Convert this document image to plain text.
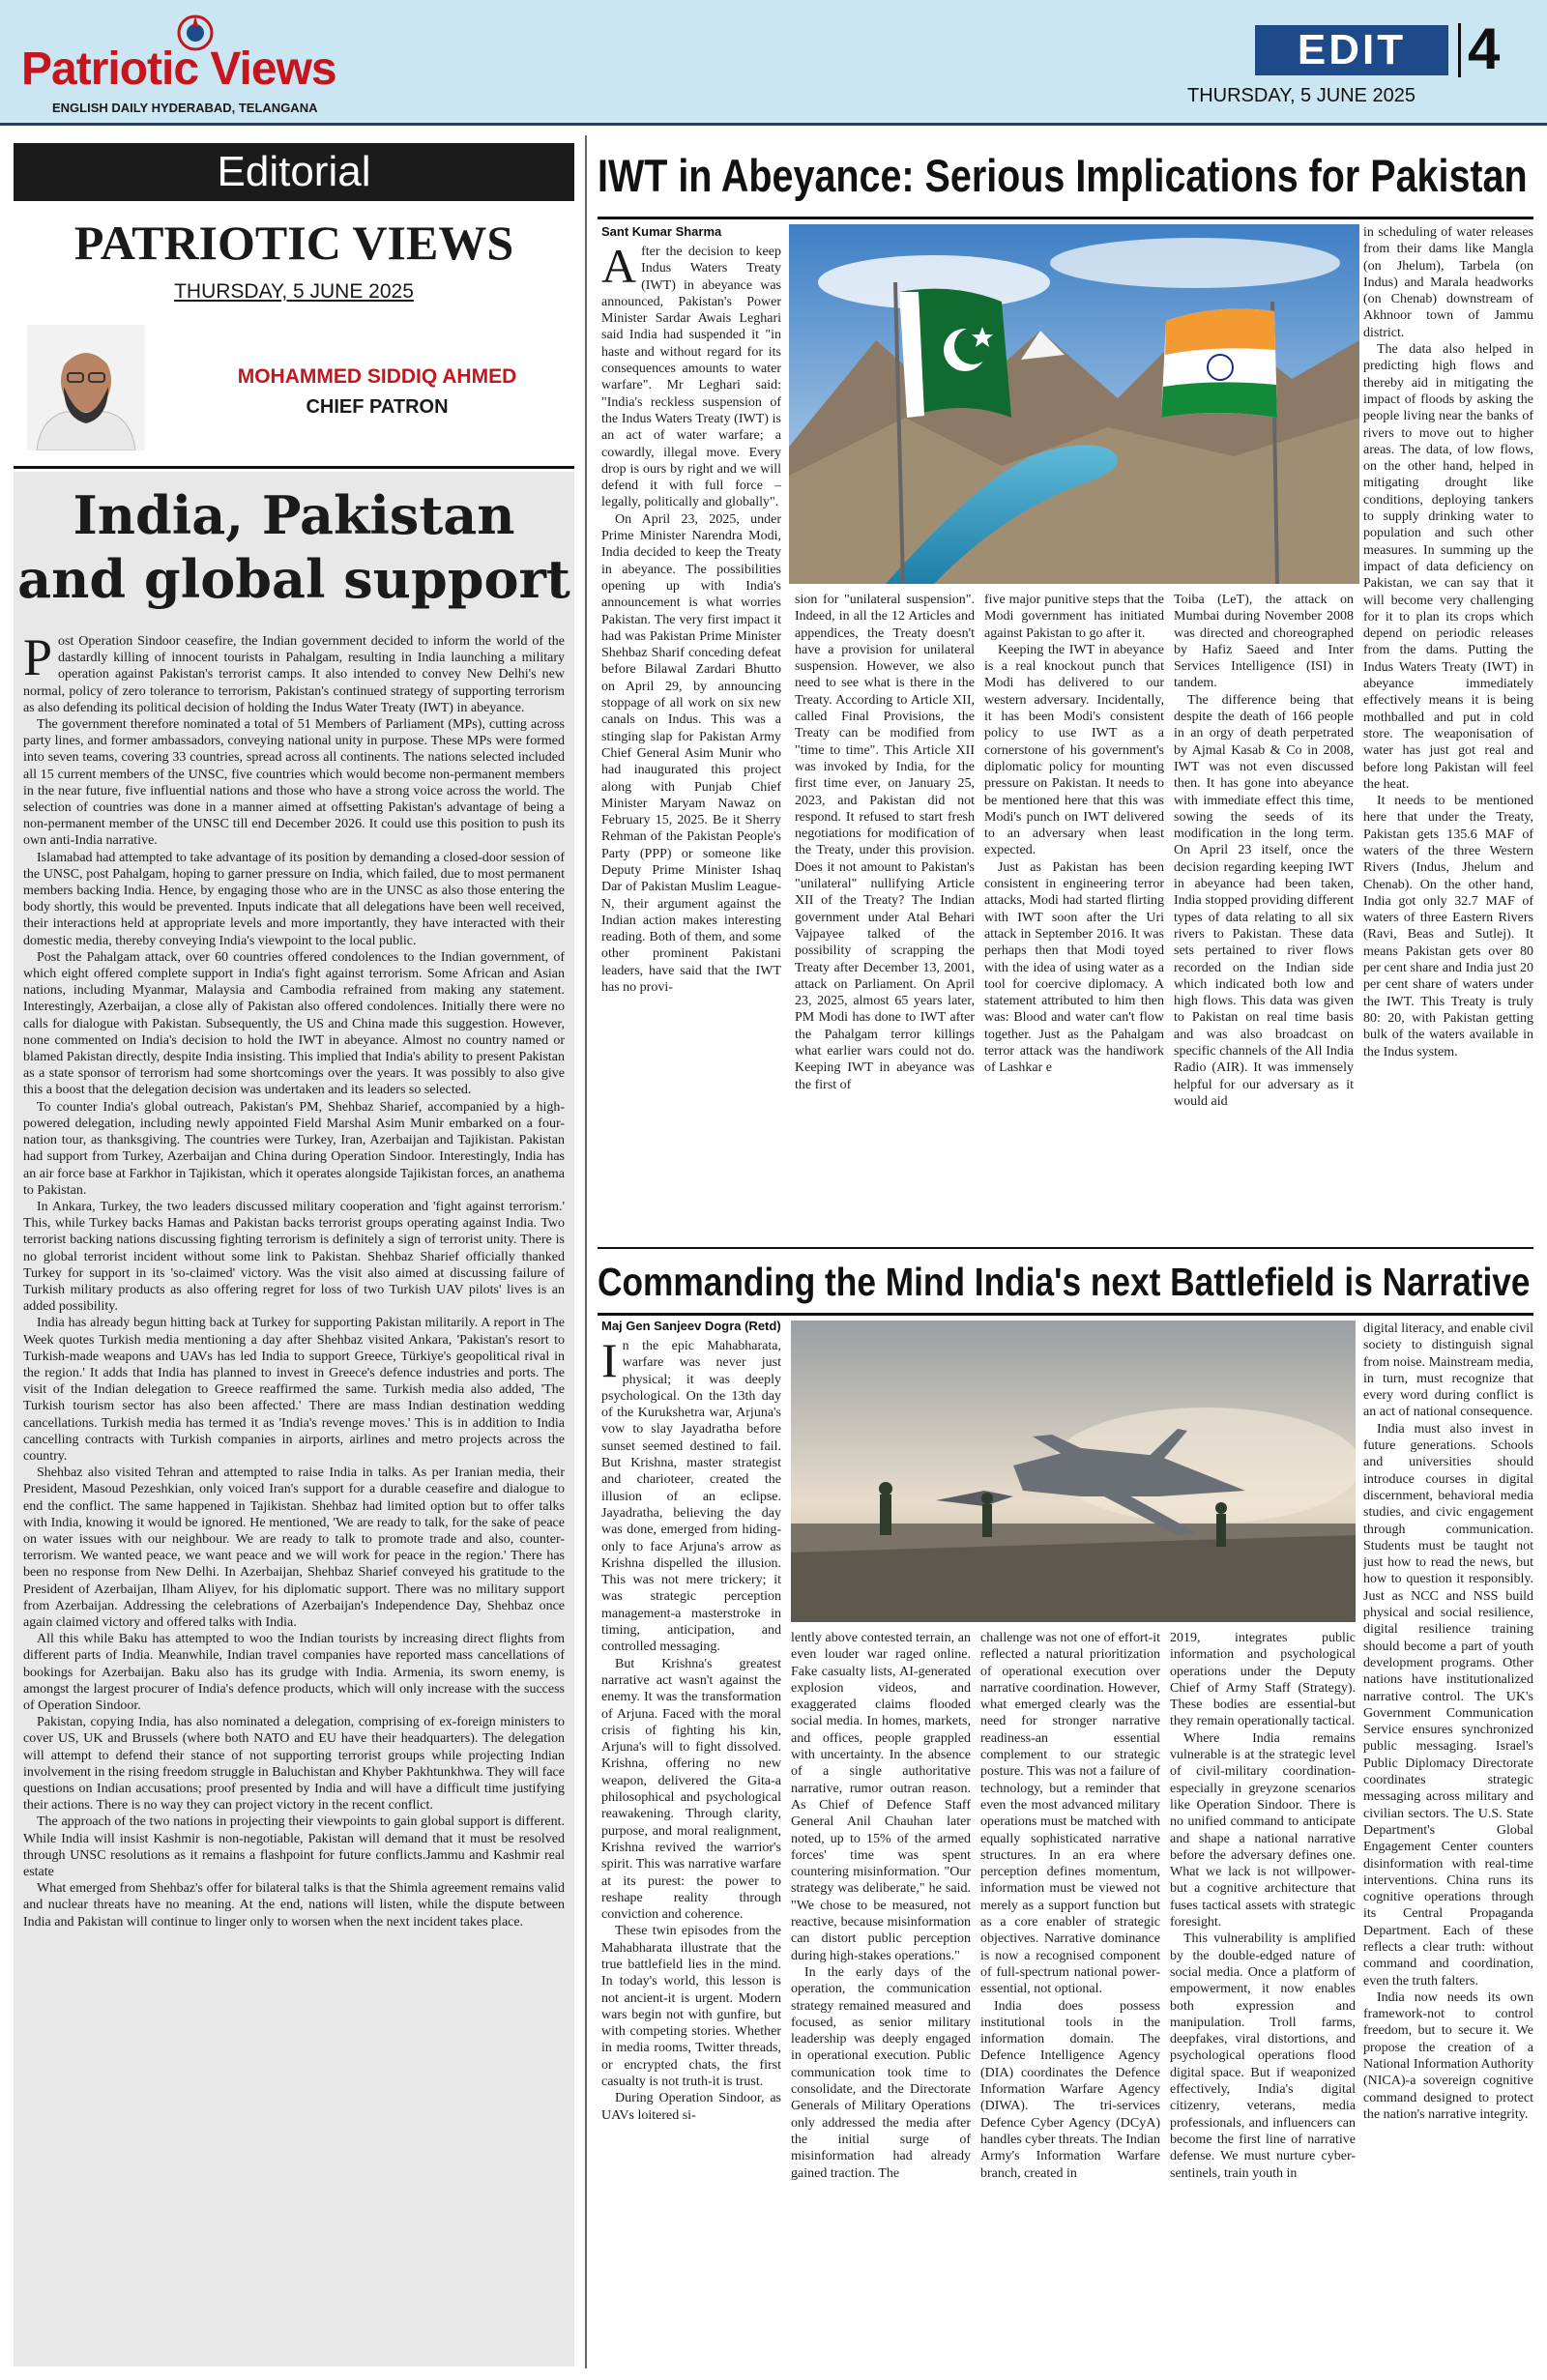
Patriotic Views
ENGLISH DAILY HYDERABAD, TELANGANA
EDIT	4
THURSDAY, 5 JUNE 2025
Editorial
PATRIOTIC VIEWS
THURSDAY, 5 JUNE 2025
MOHAMMED SIDDIQ AHMED
CHIEF PATRON
India, Pakistan and global support

Post Operation Sindoor ceasefire, the Indian government decided to inform the world of the dastardly killing of innocent tourists in Pahalgam, resulting in India launching a military operation against Pakistan's terrorist camps. It also intended to convey New Delhi's new normal, policy of zero tolerance to terrorism, Pakistan's continued strategy of supporting terrorism as also defending its political decision of holding the Indus Water Treaty (IWT) in abeyance.

The government therefore nominated a total of 51 Members of Parliament (MPs), cutting across party lines, and former ambassadors, conveying national unity in purpose. These MPs were formed into seven teams, covering 33 countries, spread across all continents. The nations selected included all 15 current members of the UNSC, five countries which would become non-permanent members in the near future, five influential nations and those who have a strong voice across the world. The selection of countries was done in a manner aimed at offsetting Pakistan's advantage of being a non-permanent member of the UNSC till end December 2026. It could use this position to push its own anti-India narrative.

Islamabad had attempted to take advantage of its position by demanding a closed-door session of the UNSC, post Pahalgam, hoping to garner pressure on India, which failed, due to most permanent members backing India. Hence, by engaging those who are in the UNSC as also those entering the body shortly, this would be prevented. Inputs indicate that all delegations have been well received, their interactions held at appropriate levels and more importantly, they have interacted with their domestic media, thereby conveying India's viewpoint to the local public.

Post the Pahalgam attack, over 60 countries offered condolences to the Indian government, of which eight offered complete support in India's fight against terrorism. Some African and Asian nations, including Myanmar, Malaysia and Cambodia refrained from making any statement. Interestingly, Azerbaijan, a close ally of Pakistan also offered condolences. Initially there were no calls for dialogue with Pakistan. Subsequently, the US and China made this suggestion. However, none commented on India's decision to hold the IWT in abeyance. Almost no country named or blamed Pakistan directly, despite India insisting. This implied that India's ability to present Pakistan as a state sponsor of terrorism had some shortcomings over the years. It was possibly to also give this a boost that the delegation decision was undertaken and its leaders so selected.

To counter India's global outreach, Pakistan's PM, Shehbaz Sharief, accompanied by a high-powered delegation, including newly appointed Field Marshal Asim Munir embarked on a four-nation tour, as thanksgiving. The countries were Turkey, Iran, Azerbaijan and Tajikistan. Pakistan had support from Turkey, Azerbaijan and China during Operation Sindoor. Interestingly, India has an air force base at Farkhor in Tajikistan, which it operates alongside Tajikistan forces, an anathema to Pakistan.

In Ankara, Turkey, the two leaders discussed military cooperation and 'fight against terrorism.' This, while Turkey backs Hamas and Pakistan backs terrorist groups operating against India. Two terrorist backing nations discussing fighting terrorism is definitely a sign of terrorist unity. There is no global terrorist incident without some link to Pakistan. Shehbaz Sharief officially thanked Turkey for support in its 'so-claimed' victory. Was the visit also aimed at discussing failure of Turkish military products as also offering regret for loss of two Turkish UAV pilots' lives is an added possibility.

India has already begun hitting back at Turkey for supporting Pakistan militarily. A report in The Week quotes Turkish media mentioning a day after Shehbaz visited Ankara, 'Pakistan's resort to Turkish-made weapons and UAVs has led India to support Greece, Türkiye's geopolitical rival in the region.' It adds that India has planned to invest in Greece's defence industries and ports. The visit of the Indian delegation to Greece reaffirmed the same. Turkish media also added, 'The Turkish tourism sector has also been affected.' There are mass Indian destination wedding cancellations. Turkish media has termed it as 'India's revenge moves.' This is in addition to India cancelling contracts with Turkish companies in airports, airlines and metro projects across the country.

Shehbaz also visited Tehran and attempted to raise India in talks. As per Iranian media, their President, Masoud Pezeshkian, only voiced Iran's support for a durable ceasefire and dialogue to end the conflict. The same happened in Tajikistan. Shehbaz had limited option but to offer talks with India, knowing it would be ignored. He mentioned, 'We are ready to talk, for the sake of peace on water issues with our neighbour. We are ready to talk to promote trade and also, counter-terrorism. We wanted peace, we want peace and we will work for peace in the region.' There has been no response from New Delhi. In Azerbaijan, Shehbaz Sharief conveyed his gratitude to the President of Azerbaijan, Ilham Aliyev, for his diplomatic support. There was no military support from Azerbaijan. Addressing the celebrations of Azerbaijan's Independence Day, Shehbaz once again claimed victory and offered talks with India.

All this while Baku has attempted to woo the Indian tourists by increasing direct flights from different parts of India. Meanwhile, Indian travel companies have reported mass cancellations of bookings for Azerbaijan. Baku also has its grudge with India. Armenia, its sworn enemy, is amongst the largest procurer of India's defence products, which will only increase with the success of Operation Sindoor.

Pakistan, copying India, has also nominated a delegation, comprising of ex-foreign ministers to cover US, UK and Brussels (where both NATO and EU have their headquarters). The delegation will attempt to defend their stance of not supporting terrorist groups while projecting Indian involvement in the rising freedom struggle in Baluchistan and Khyber Pakhtunkhwa. They will face questions on Indian accusations; proof presented by India and will have a difficult time justifying their actions. There is no way they can project victory in the recent conflict.

The approach of the two nations in projecting their viewpoints to gain global support is different. While India will insist Kashmir is non-negotiable, Pakistan will demand that it must be resolved through UNSC resolutions as it remains a flashpoint for future conflicts.Jammu and Kashmir real estate

What emerged from Shehbaz's offer for bilateral talks is that the Shimla agreement remains valid and nuclear threats have no meaning. At the end, nations will listen, while the dispute between India and Pakistan will continue to linger only to worsen when the next incident takes place.

IWT in Abeyance: Serious Implications for Pakistan
Sant Kumar Sharma

After the decision to keep Indus Waters Treaty (IWT) in abeyance was announced, Pakistan's Power Minister Sardar Awais Leghari said India had suspended it "in haste and without regard for its consequences amounts to water warfare". Mr Leghari said: "India's reckless suspension of the Indus Waters Treaty (IWT) is an act of water warfare; a cowardly, illegal move. Every drop is ours by right and we will defend it with full force – legally, politically and globally".

On April 23, 2025, under Prime Minister Narendra Modi, India decided to keep the Treaty in abeyance. The possibilities opening up with India's announcement is what worries Pakistan. The very first impact it had was Pakistan Prime Minister Shehbaz Sharif conceding defeat before Bilawal Zardari Bhutto on April 29, by announcing stoppage of all work on six new canals on Indus. This was a stinging slap for Pakistan Army Chief General Asim Munir who had inaugurated this project along with Punjab Chief Minister Maryam Nawaz on February 15, 2025. Be it Sherry Rehman of the Pakistan People's Party (PPP) or someone like Deputy Prime Minister Ishaq Dar of Pakistan Muslim League-N, their argument against the Indian action makes interesting reading. Both of them, and some other prominent Pakistani leaders, have said that the IWT has no provi-

sion for "unilateral suspension". Indeed, in all the 12 Articles and appendices, the Treaty doesn't have a provision for unilateral suspension. However, we also need to see what is there in the Treaty. According to Article XII, called Final Provisions, the Treaty can be modified from "time to time". This Article XII was invoked by India, for the first time ever, on January 25, 2023, and Pakistan did not respond. It refused to start fresh negotiations for modification of the Treaty, under this provision. Does it not amount to Pakistan's "unilateral" nullifying Article XII of the Treaty? The Indian government under Atal Behari Vajpayee talked of the possibility of scrapping the Treaty after December 13, 2001, attack on Parliament. On April 23, 2025, almost 65 years later, PM Modi has done to IWT after the Pahalgam terror killings what earlier wars could not do. Keeping IWT in abeyance was the first of

five major punitive steps that the Modi government has initiated against Pakistan to go after it.

Keeping the IWT in abeyance is a real knockout punch that Modi has delivered to our western adversary. Incidentally, it has been Modi's consistent policy to use IWT as a cornerstone of his government's diplomatic policy for mounting pressure on Pakistan. It needs to be mentioned here that this was Modi's punch on IWT delivered to an adversary when least expected.

Just as Pakistan has been consistent in engineering terror attacks, Modi had started flirting with IWT soon after the Uri attack in September 2016. It was perhaps then that Modi toyed with the idea of using water as a tool for coercive diplomacy. A statement attributed to him then was: Blood and water can't flow together. Just as the Pahalgam terror attack was the handiwork of Lashkar e

Toiba (LeT), the attack on Mumbai during November 2008 was directed and choreographed by Hafiz Saeed and Inter Services Intelligence (ISI) in tandem.

The difference being that despite the death of 166 people in an orgy of death perpetrated by Ajmal Kasab & Co in 2008, IWT was not even discussed then. It has gone into abeyance with immediate effect this time, sowing the seeds of its modification in the long term. On April 23 itself, once the decision regarding keeping IWT in abeyance had been taken, India stopped providing different types of data relating to all six rivers to Pakistan. These data sets pertained to river flows recorded on the Indian side which indicated both low and high flows. This data was given to Pakistan on real time basis and was also broadcast on specific channels of the All India Radio (AIR). It was immensely helpful for our adversary as it would aid

in scheduling of water releases from their dams like Mangla (on Jhelum), Tarbela (on Indus) and Marala headworks (on Chenab) downstream of Akhnoor town of Jammu district.

The data also helped in predicting high flows and thereby aid in mitigating the impact of floods by asking the people living near the banks of rivers to move out to higher areas. The data, of low flows, on the other hand, helped in mitigating drought like conditions, deploying tankers to supply drinking water to population and such other measures. In summing up the impact of data deficiency on Pakistan, we can say that it will become very challenging for it to plan its crops which depend on periodic releases from the dams. Putting the Indus Waters Treaty (IWT) in abeyance immediately effectively means it is being mothballed and put in cold store. The weaponisation of water has just got real and before long Pakistan will feel the heat.

It needs to be mentioned here that under the Treaty, Pakistan gets 135.6 MAF of waters of the three Western Rivers (Indus, Jhelum and Chenab). On the other hand, India got only 32.7 MAF of waters of three Eastern Rivers (Ravi, Beas and Sutlej). It means Pakistan gets over 80 per cent share and India just 20 per cent share of waters under the IWT. This Treaty is truly 80: 20, with Pakistan getting bulk of the waters available in the Indus system.

Commanding the Mind India's next Battlefield is Narrative
Maj Gen Sanjeev Dogra (Retd)

In the epic Mahabharata, warfare was never just physical; it was deeply psychological. On the 13th day of the Kurukshetra war, Arjuna's vow to slay Jayadratha before sunset seemed destined to fail. But Krishna, master strategist and charioteer, created the illusion of an eclipse. Jayadratha, believing the day was done, emerged from hiding-only to face Arjuna's arrow as Krishna dispelled the illusion. This was not mere trickery; it was strategic perception management-a masterstroke in timing, anticipation, and controlled messaging.

But Krishna's greatest narrative act wasn't against the enemy. It was the transformation of Arjuna. Faced with the moral crisis of fighting his kin, Arjuna's will to fight dissolved. Krishna, offering no new weapon, delivered the Gita-a philosophical and psychological reawakening. Through clarity, purpose, and moral realignment, Krishna revived the warrior's spirit. This was narrative warfare at its purest: the power to reshape reality through conviction and coherence.

These twin episodes from the Mahabharata illustrate that the true battlefield lies in the mind. In today's world, this lesson is not ancient-it is urgent. Modern wars begin not with gunfire, but with competing stories. Whether in media rooms, Twitter threads, or encrypted chats, the first casualty is not truth-it is trust.

During Operation Sindoor, as UAVs loitered si-

lently above contested terrain, an even louder war raged online. Fake casualty lists, AI-generated explosion videos, and exaggerated claims flooded social media. In homes, markets, and offices, people grappled with uncertainty. In the absence of a single authoritative narrative, rumor outran reason. As Chief of Defence Staff General Anil Chauhan later noted, up to 15% of the armed forces' time was spent countering misinformation. "Our strategy was deliberate," he said. "We chose to be measured, not reactive, because misinformation can distort public perception during high-stakes operations."

In the early days of the operation, the communication strategy remained measured and focused, as senior military leadership was deeply engaged in operational execution. Public communication took time to consolidate, and the Directorate Generals of Military Operations only addressed the media after the initial surge of misinformation had already gained traction. The

challenge was not one of effort-it reflected a natural prioritization of operational execution over narrative coordination. However, what emerged clearly was the need for stronger narrative readiness-an essential complement to our strategic posture. This was not a failure of technology, but a reminder that even the most advanced military operations must be matched with equally sophisticated narrative structures. In an era where perception defines momentum, information must be viewed not merely as a support function but as a core enabler of strategic objectives. Narrative dominance is now a recognised component of full-spectrum national power-essential, not optional.

India does possess institutional tools in the information domain. The Defence Intelligence Agency (DIA) coordinates the Defence Information Warfare Agency (DIWA). The tri-services Defence Cyber Agency (DCyA) handles cyber threats. The Indian Army's Information Warfare branch, created in

2019, integrates public information and psychological operations under the Deputy Chief of Army Staff (Strategy). These bodies are essential-but they remain operationally tactical.

Where India remains vulnerable is at the strategic level of civil-military coordination-especially in greyzone scenarios like Operation Sindoor. There is no unified command to anticipate and shape a national narrative before the adversary defines one. What we lack is not willpower-but a cognitive architecture that fuses tactical assets with strategic foresight.

This vulnerability is amplified by the double-edged nature of social media. Once a platform of empowerment, it now enables both expression and manipulation. Troll farms, deepfakes, viral distortions, and psychological operations flood digital space. But if weaponized effectively, India's digital citizenry, veterans, media professionals, and influencers can become the first line of narrative defense. We must nurture cyber-sentinels, train youth in

digital literacy, and enable civil society to distinguish signal from noise. Mainstream media, in turn, must recognize that every word during conflict is an act of national consequence.

India must also invest in future generations. Schools and universities should introduce courses in digital discernment, behavioral media studies, and civic engagement through communication. Students must be taught not just how to read the news, but how to question it responsibly. Just as NCC and NSS build physical and social resilience, digital resilience training should become a part of youth development programs. Other nations have institutionalized narrative control. The UK's Government Communication Service ensures synchronized public messaging. Israel's Public Diplomacy Directorate coordinates strategic messaging across military and civilian sectors. The U.S. State Department's Global Engagement Center counters disinformation with real-time interventions. China runs its cognitive operations through its Central Propaganda Department. Each of these reflects a clear truth: without command and coordination, even the truth falters.

India now needs its own framework-not to control freedom, but to secure it. We propose the creation of a National Information Authority (NICA)-a sovereign cognitive command designed to protect the nation's narrative integrity.
